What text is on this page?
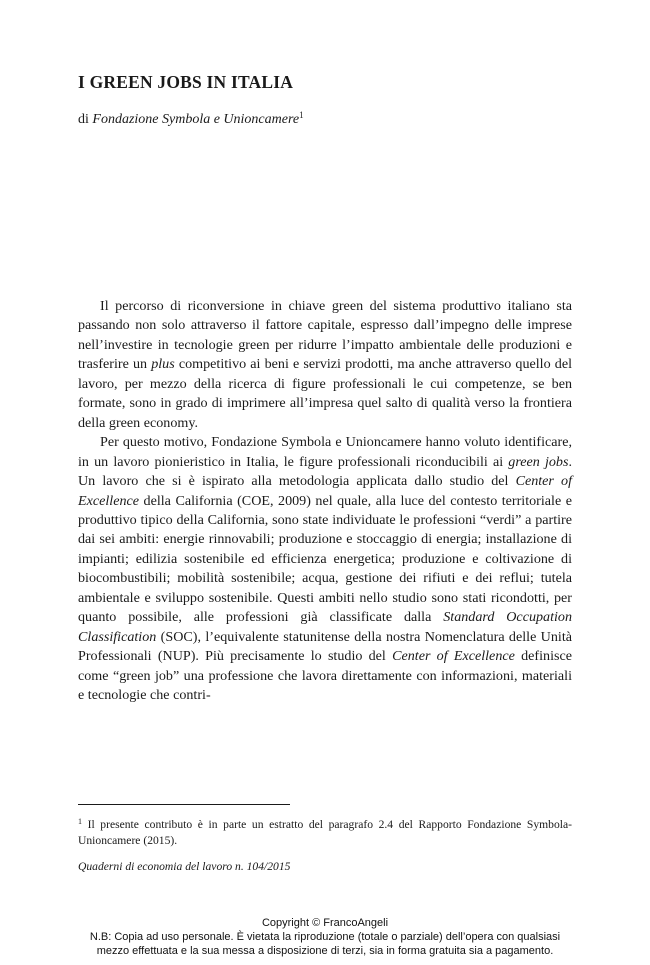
I GREEN JOBS IN ITALIA
di Fondazione Symbola e Unioncamere$^1$

Il percorso di riconversione in chiave green del sistema produttivo italiano sta passando non solo attraverso il fattore capitale, espresso dall’impegno delle imprese nell’investire in tecnologie green per ridurre l’impatto ambientale delle produzioni e trasferire un plus competitivo ai beni e servizi prodotti, ma anche attraverso quello del lavoro, per mezzo della ricerca di figure professionali le cui competenze, se ben formate, sono in grado di imprimere all’impresa quel salto di qualità verso la frontiera della green economy.

Per questo motivo, Fondazione Symbola e Unioncamere hanno voluto identificare, in un lavoro pionieristico in Italia, le figure professionali riconducibili ai green jobs. Un lavoro che si è ispirato alla metodologia applicata dallo studio del Center of Excellence della California (COE, 2009) nel quale, alla luce del contesto territoriale e produttivo tipico della California, sono state individuate le professioni “verdi” a partire dai sei ambiti: energie rinnovabili; produzione e stoccaggio di energia; installazione di impianti; edilizia sostenibile ed efficienza energetica; produzione e coltivazione di biocombustibili; mobilità sostenibile; acqua, gestione dei rifiuti e dei reflui; tutela ambientale e sviluppo sostenibile. Questi ambiti nello studio sono stati ricondotti, per quanto possibile, alle professioni già classificate dalla Standard Occupation Classification (SOC), l’equivalente statunitense della nostra Nomenclatura delle Unità Professionali (NUP). Più precisamente lo studio del Center of Excellence definisce come “green job” una professione che lavora direttamente con informazioni, materiali e tecnologie che contri-

$^1$ Il presente contributo è in parte un estratto del paragrafo 2.4 del Rapporto Fondazione Symbola-Unioncamere (2015).
Quaderni di economia del lavoro n. 104/2015
Copyright © FrancoAngeli
N.B: Copia ad uso personale. È vietata la riproduzione (totale o parziale) dell’opera con qualsiasi
mezzo effettuata e la sua messa a disposizione di terzi, sia in forma gratuita sia a pagamento.
